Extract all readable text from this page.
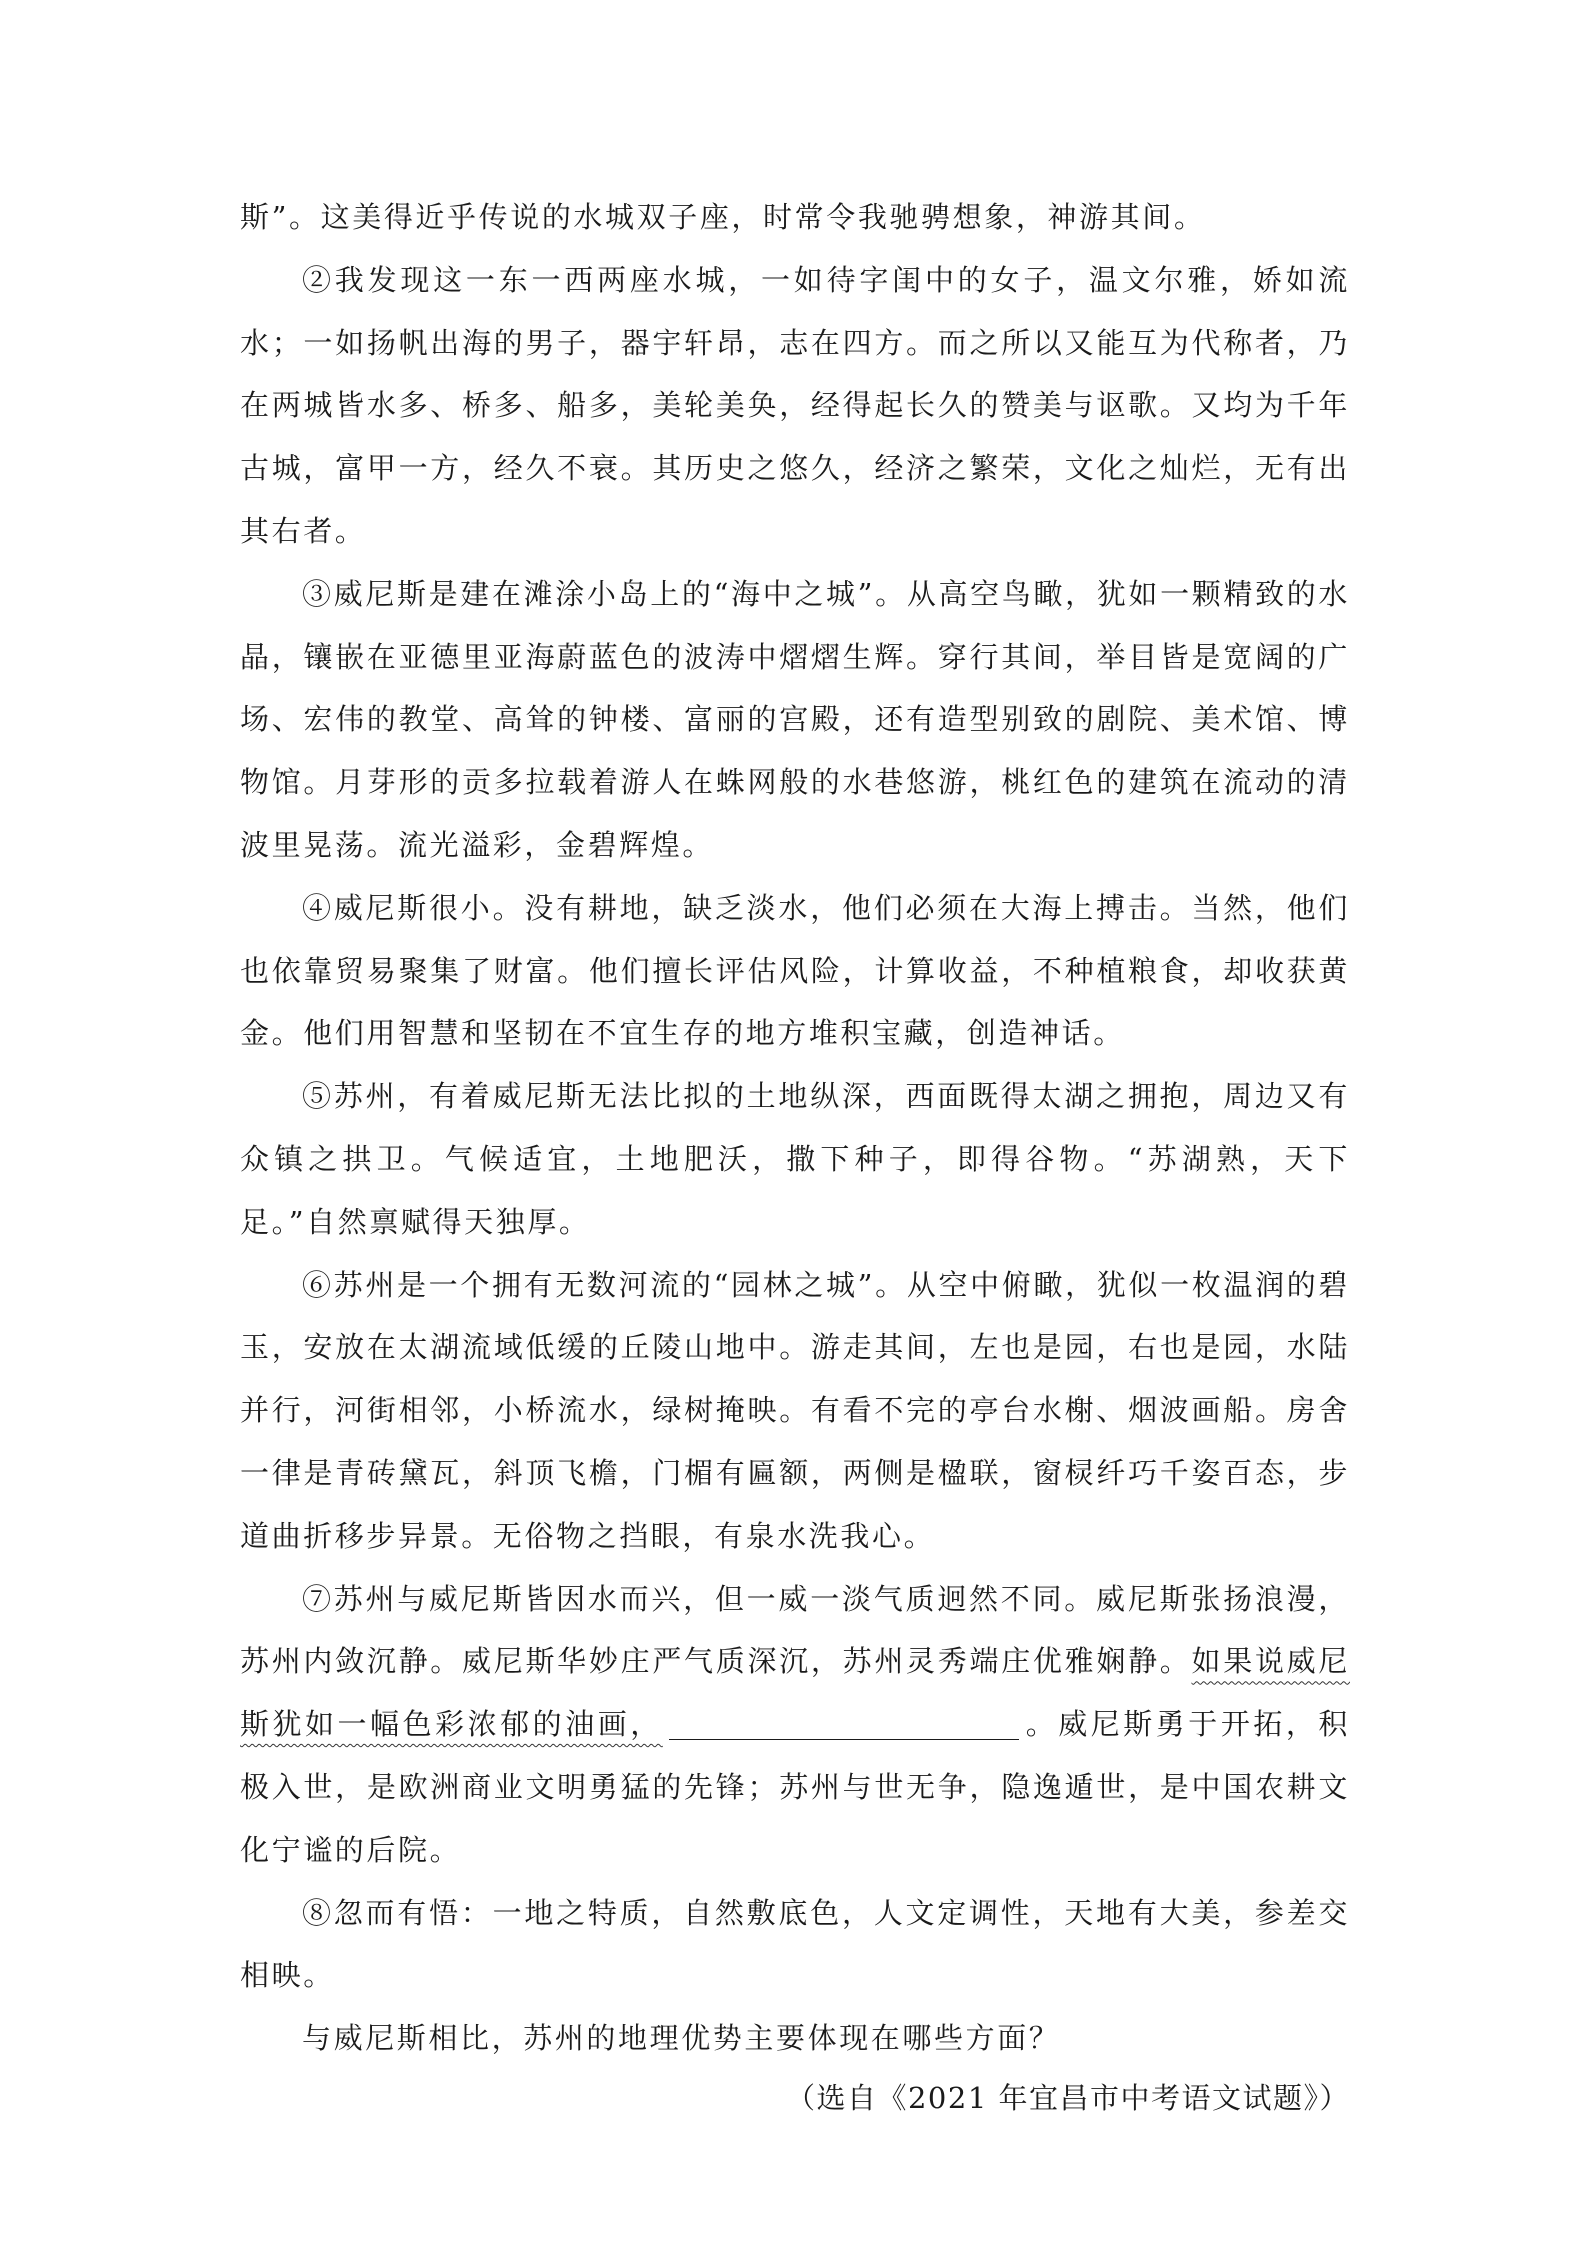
斯”。这美得近乎传说的水城双子座，时常令我驰骋想象，神游其间。

②我发现这一东一西两座水城，一如待字闺中的女子，温文尔雅，娇如流水；一如扬帆出海的男子，器宇轩昂，志在四方。而之所以又能互为代称者，乃在两城皆水多、桥多、船多，美轮美奂，经得起长久的赞美与讴歌。又均为千年古城，富甲一方，经久不衰。其历史之悠久，经济之繁荣，文化之灿烂，无有出其右者。

③威尼斯是建在滩涂小岛上的“海中之城”。从高空鸟瞰，犹如一颗精致的水晶，镶嵌在亚德里亚海蔚蓝色的波涛中熠熠生辉。穿行其间，举目皆是宽阔的广场、宏伟的教堂、高耸的钟楼、富丽的宫殿，还有造型别致的剧院、美术馆、博物馆。月芽形的贡多拉载着游人在蛛网般的水巷悠游，桃红色的建筑在流动的清波里晃荡。流光溢彩，金碧辉煌。

④威尼斯很小。没有耕地，缺乏淡水，他们必须在大海上搏击。当然，他们也依靠贸易聚集了财富。他们擅长评估风险，计算收益，不种植粮食，却收获黄金。他们用智慧和坚韧在不宜生存的地方堆积宝藏，创造神话。

⑤苏州，有着威尼斯无法比拟的土地纵深，西面既得太湖之拥抱，周边又有众镇之拱卫。气候适宜，土地肥沃，撒下种子，即得谷物。“苏湖熟，天下足。”自然禀赋得天独厚。

⑥苏州是一个拥有无数河流的“园林之城”。从空中俯瞰，犹似一枚温润的碧玉，安放在太湖流域低缓的丘陵山地中。游走其间，左也是园，右也是园，水陆并行，河街相邻，小桥流水，绿树掩映。有看不完的亭台水榭、烟波画船。房舍一律是青砖黛瓦，斜顶飞檐，门楣有匾额，两侧是楹联，窗棂纤巧千姿百态，步道曲折移步异景。无俗物之挡眼，有泉水洗我心。

⑦苏州与威尼斯皆因水而兴，但一威一淡气质迥然不同。威尼斯张扬浪漫，苏州内敛沉静。威尼斯华妙庄严气质深沉，苏州灵秀端庄优雅娴静。如果说威尼斯犹如一幅色彩浓郁的油画，	。威尼斯勇于开拓，积极入世，是欧洲商业文明勇猛的先锋；苏州与世无争，隐逸遁世，是中国农耕文化宁谧的后院。

⑧忽而有悟：一地之特质，自然敷底色，人文定调性，天地有大美，参差交相映。

与威尼斯相比，苏州的地理优势主要体现在哪些方面？

（选自《2021 年宜昌市中考语文试题》）
